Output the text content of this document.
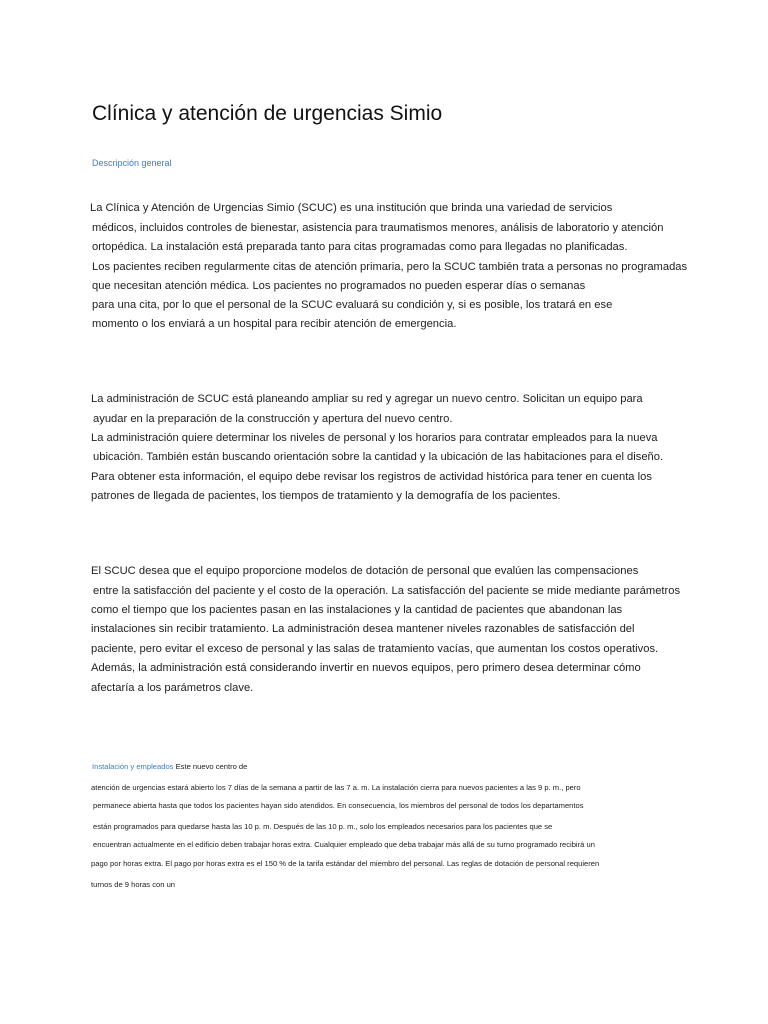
Clínica y atención de urgencias Simio
Descripción general
La Clínica y Atención de Urgencias Simio (SCUC) es una institución que brinda una variedad de servicios
médicos, incluidos controles de bienestar, asistencia para traumatismos menores, análisis de laboratorio y atención
ortopédica. La instalación está preparada tanto para citas programadas como para llegadas no planificadas.
Los pacientes reciben regularmente citas de atención primaria, pero la SCUC también trata a personas no programadas
que necesitan atención médica. Los pacientes no programados no pueden esperar días o semanas
para una cita, por lo que el personal de la SCUC evaluará su condición y, si es posible, los tratará en ese
momento o los enviará a un hospital para recibir atención de emergencia.
La administración de SCUC está planeando ampliar su red y agregar un nuevo centro. Solicitan un equipo para
ayudar en la preparación de la construcción y apertura del nuevo centro.
La administración quiere determinar los niveles de personal y los horarios para contratar empleados para la nueva
ubicación. También están buscando orientación sobre la cantidad y la ubicación de las habitaciones para el diseño.
Para obtener esta información, el equipo debe revisar los registros de actividad histórica para tener en cuenta los
patrones de llegada de pacientes, los tiempos de tratamiento y la demografía de los pacientes.
El SCUC desea que el equipo proporcione modelos de dotación de personal que evalúen las compensaciones
entre la satisfacción del paciente y el costo de la operación. La satisfacción del paciente se mide mediante parámetros
como el tiempo que los pacientes pasan en las instalaciones y la cantidad de pacientes que abandonan las
instalaciones sin recibir tratamiento. La administración desea mantener niveles razonables de satisfacción del
paciente, pero evitar el exceso de personal y las salas de tratamiento vacías, que aumentan los costos operativos.
Además, la administración está considerando invertir en nuevos equipos, pero primero desea determinar cómo
afectaría a los parámetros clave.
Instalación y empleados Este nuevo centro de
atención de urgencias estará abierto los 7 días de la semana a partir de las 7 a. m. La instalación cierra para nuevos pacientes a las 9 p. m., pero
permanece abierta hasta que todos los pacientes hayan sido atendidos. En consecuencia, los miembros del personal de todos los departamentos
están programados para quedarse hasta las 10 p. m. Después de las 10 p. m., solo los empleados necesarios para los pacientes que se
encuentran actualmente en el edificio deben trabajar horas extra. Cualquier empleado que deba trabajar más allá de su turno programado recibirá un
pago por horas extra. El pago por horas extra es el 150 % de la tarifa estándar del miembro del personal. Las reglas de dotación de personal requieren
turnos de 9 horas con un
